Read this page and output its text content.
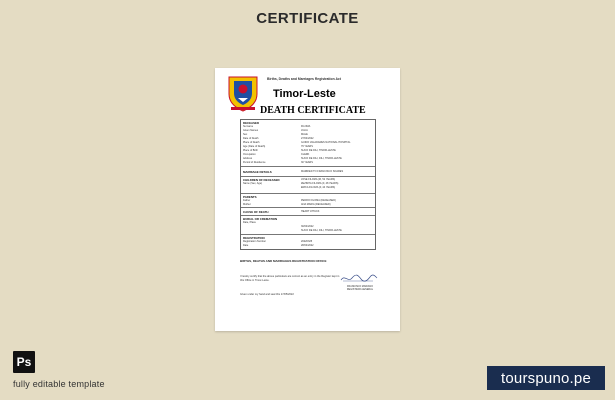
CERTIFICATE
Births, Deaths and Marriages Registration Act
Timor-Leste
DEATH CERTIFICATE
DECEASED
Surname	FILOMA
Given Names	JULIA
Sex	MALE
Date of Death	27/04/2022
Place of Death	GUIDO VALADARES NATIONAL HOSPITAL
Age (Date of Death)	76 YEARS
Place of Birth	SUCO DE DILI, TIMOR-LESTE
Occupation	CLERK
Address	SUCO DE DILI, DILI, TIMOR-LESTE
Period of Residence	30 YEARS
MARRIAGE DETAILS	MARRIED TO FRANCISCO SOARES
CHILDREN OF DECEASED
Name (Sex, Age)
JOSE FILOMA (M, 52 YEARS)
ZEZINHA FILOMA (F, 48 YEARS)
ERIKA FILOMA (F, 44 YEARS)
PARENTS
Father	PEDRO FILOMA (DECEASED)
Mother	ANA MARIA (DECEASED)
CAUSE OF DEATH	HEART ATTACK
BURIAL OR CREMATION
Date, Place
30/04/2022
SUCO DE DILI, DILI, TIMOR-LESTE
REGISTRATION
Registration Number	20220325
Date	28/04/2022
BIRTHS, DEATHS AND MARRIAGES REGISTRATION OFFICE
I hereby certify that the above particulars are correct as an entry in the Register kept in this Office in Timor-Leste.
FRANCISCO MARIANO
REGISTRAR-GENERAL
Given under my hand and seal this 17/05/2022
Ps
fully editable template	tourspuno.pe
